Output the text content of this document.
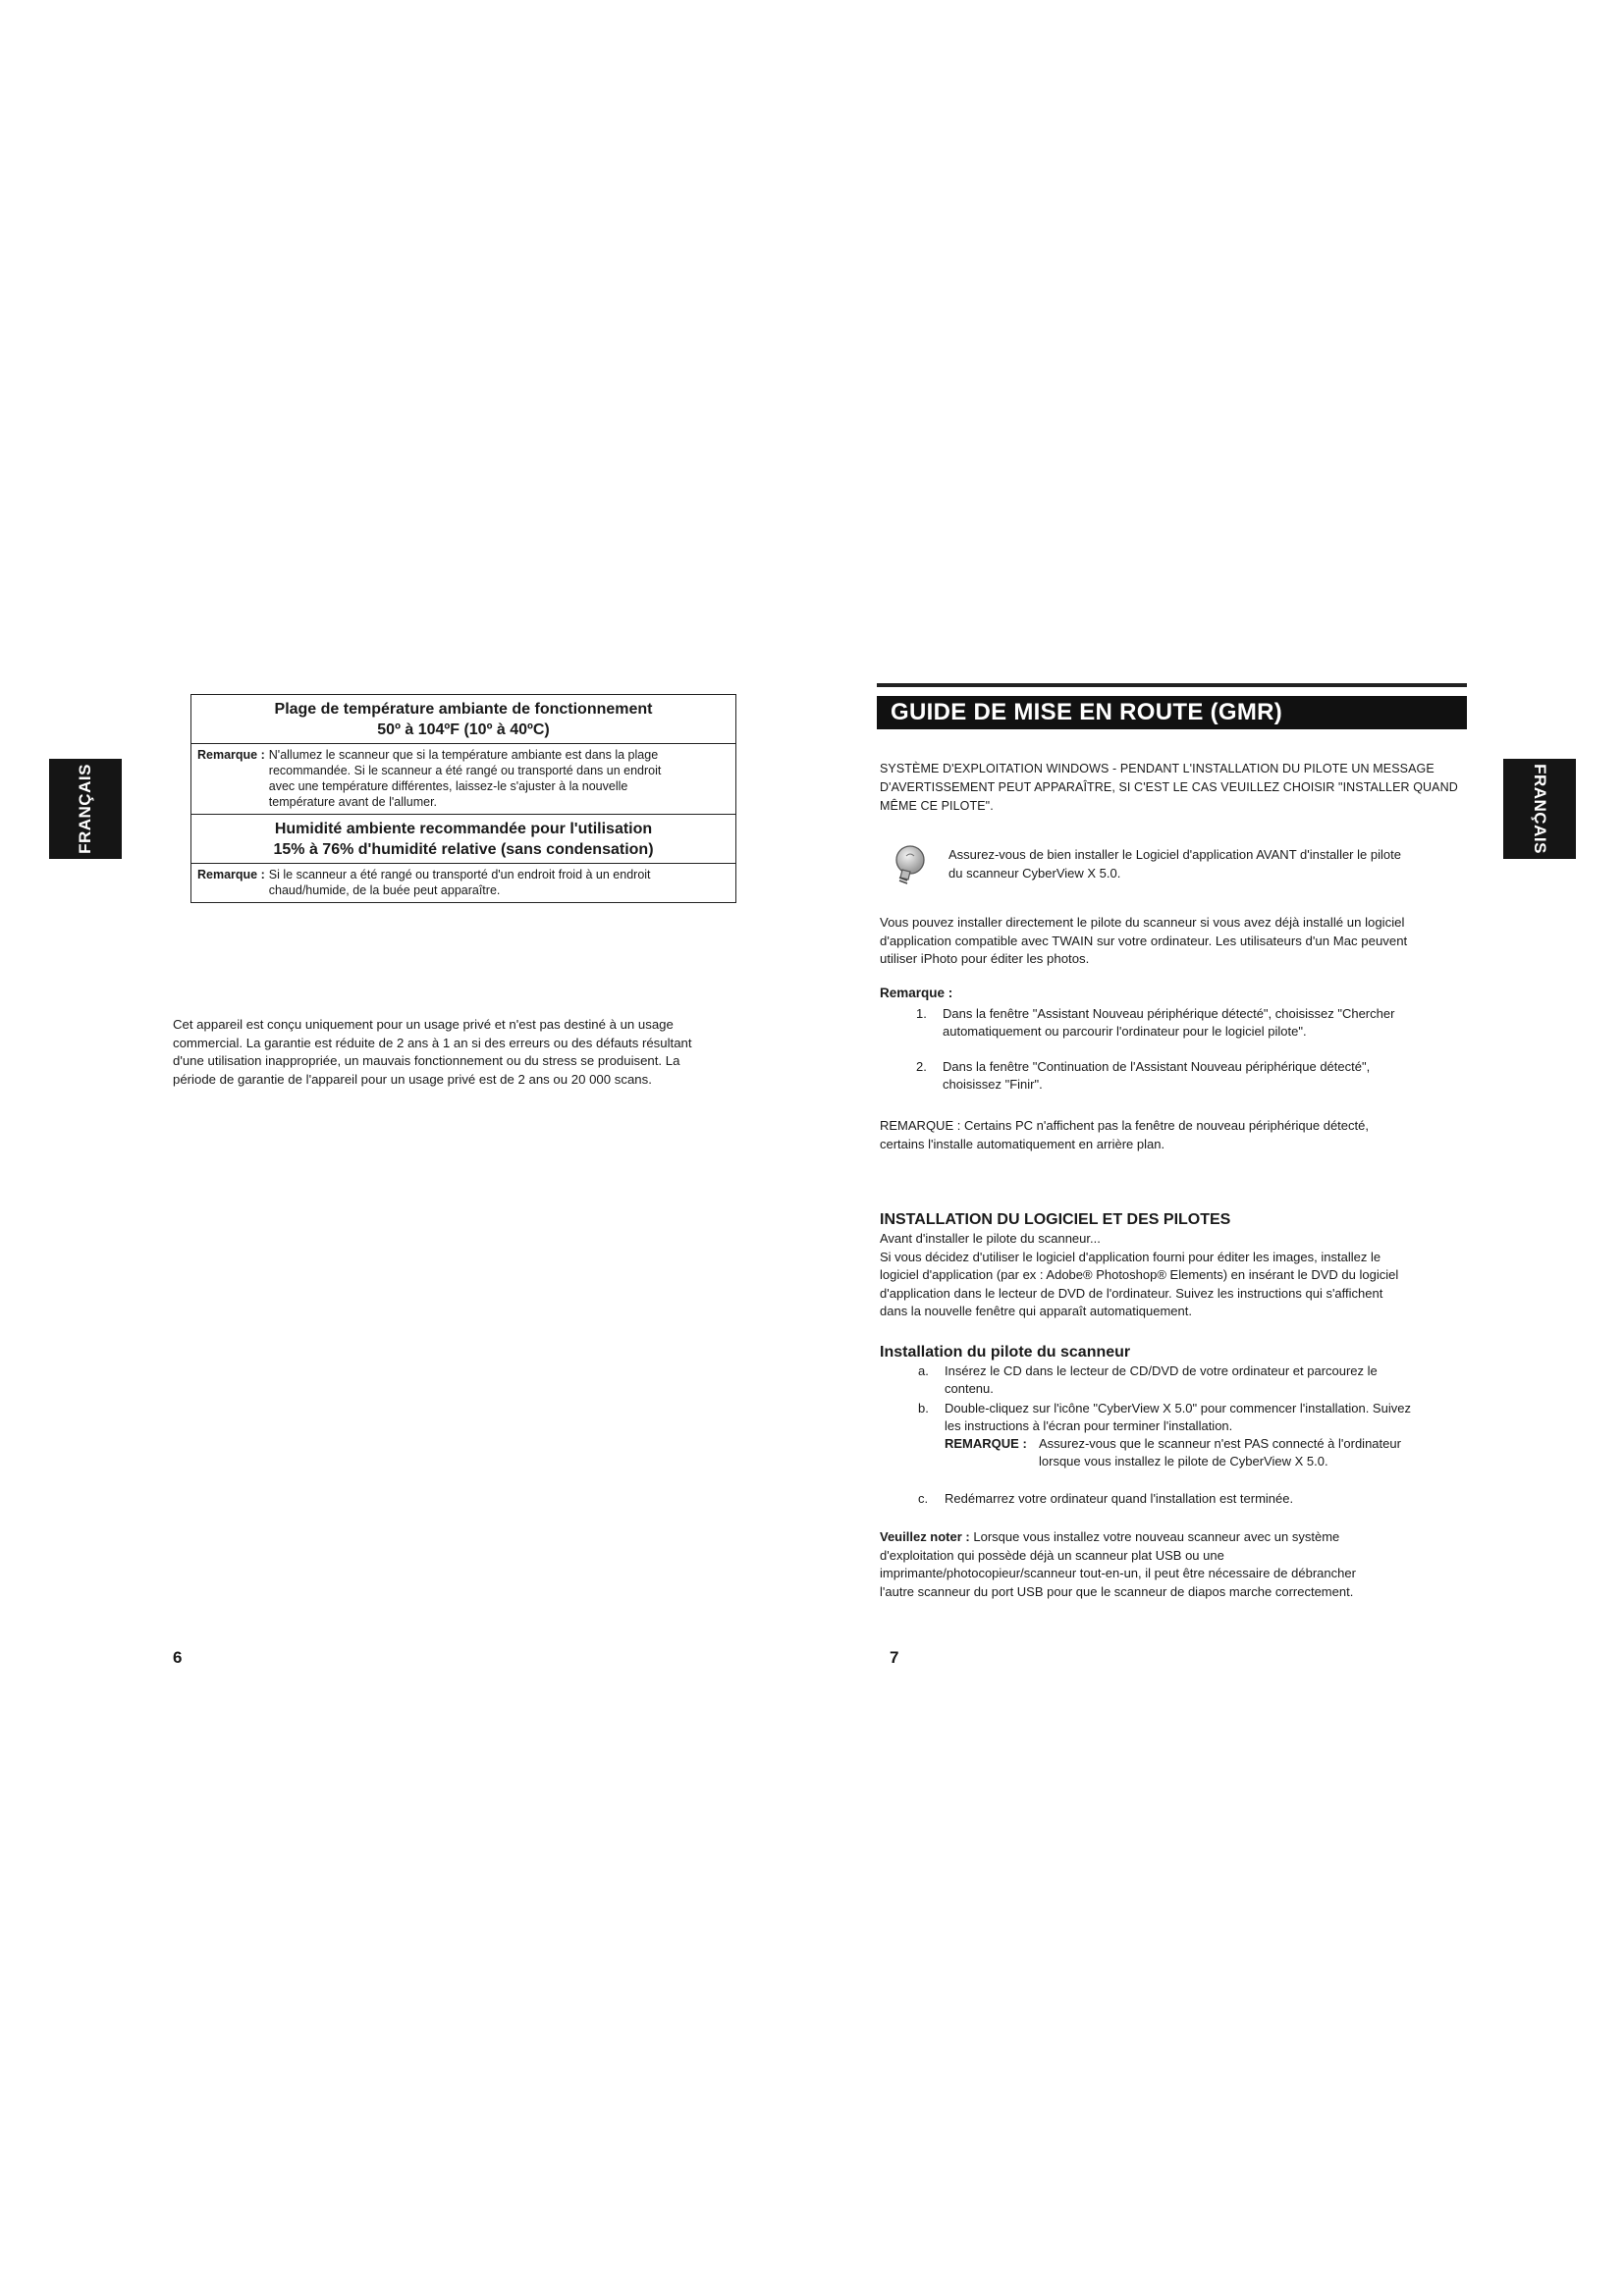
FRANÇAIS	FRANÇAIS
Plage de température ambiante de fonctionnement
50º à 104ºF (10º à 40ºC)
Remarque : N'allumez le scanneur que si la température ambiante est dans la plage
recommandée. Si le scanneur a été rangé ou transporté dans un endroit
avec une température différentes, laissez-le s'ajuster à la nouvelle
température avant de l'allumer.
Humidité ambiente recommandée pour l'utilisation
15% à 76% d'humidité relative (sans condensation)
Remarque : Si le scanneur a été rangé ou transporté d'un endroit froid à un endroit
chaud/humide, de la buée peut apparaître.
Cet appareil est conçu uniquement pour un usage privé et n'est pas destiné à un usage
commercial. La garantie est réduite de 2 ans à 1 an si des erreurs ou des défauts résultant
d'une utilisation inappropriée, un mauvais fonctionnement ou du stress se produisent. La
période de garantie de l'appareil pour un usage privé est de 2 ans ou 20 000 scans.
6
GUIDE DE MISE EN ROUTE (GMR)
SYSTÈME D'EXPLOITATION WINDOWS - PENDANT L'INSTALLATION DU PILOTE UN MESSAGE
D'AVERTISSEMENT PEUT APPARAÎTRE, SI C'EST LE CAS VEUILLEZ CHOISIR "INSTALLER QUAND
MÊME CE PILOTE".
Assurez-vous de bien installer le Logiciel d'application AVANT d'installer le pilote
du scanneur CyberView X 5.0.
Vous pouvez installer directement le pilote du scanneur si vous avez déjà installé un logiciel
d'application compatible avec TWAIN sur votre ordinateur. Les utilisateurs d'un Mac peuvent
utiliser iPhoto pour éditer les photos.
Remarque :
1. Dans la fenêtre "Assistant Nouveau périphérique détecté", choisissez "Chercher
automatiquement ou parcourir l'ordinateur pour le logiciel pilote".
2. Dans la fenêtre "Continuation de l'Assistant Nouveau périphérique détecté",
choisissez "Finir".
REMARQUE : Certains PC n'affichent pas la fenêtre de nouveau périphérique détecté,
certains l'installe automatiquement en arrière plan.
INSTALLATION DU LOGICIEL ET DES PILOTES
Avant d'installer le pilote du scanneur...
Si vous décidez d'utiliser le logiciel d'application fourni pour éditer les images, installez le
logiciel d'application (par ex : Adobe® Photoshop® Elements) en insérant le DVD du logiciel
d'application dans le lecteur de DVD de l'ordinateur. Suivez les instructions qui s'affichent
dans la nouvelle fenêtre qui apparaît automatiquement.
Installation du pilote du scanneur
a. Insérez le CD dans le lecteur de CD/DVD de votre ordinateur et parcourez le
contenu.
b. Double-cliquez sur l'icône "CyberView X 5.0" pour commencer l'installation. Suivez
les instructions à l'écran pour terminer l'installation.
REMARQUE : Assurez-vous que le scanneur n'est PAS connecté à l'ordinateur
lorsque vous installez le pilote de CyberView X 5.0.
c. Redémarrez votre ordinateur quand l'installation est terminée.
Veuillez noter : Lorsque vous installez votre nouveau scanneur avec un système
d'exploitation qui possède déjà un scanneur plat USB ou une
imprimante/photocopieur/scanneur tout-en-un, il peut être nécessaire de débrancher
l'autre scanneur du port USB pour que le scanneur de diapos marche correctement.
7
